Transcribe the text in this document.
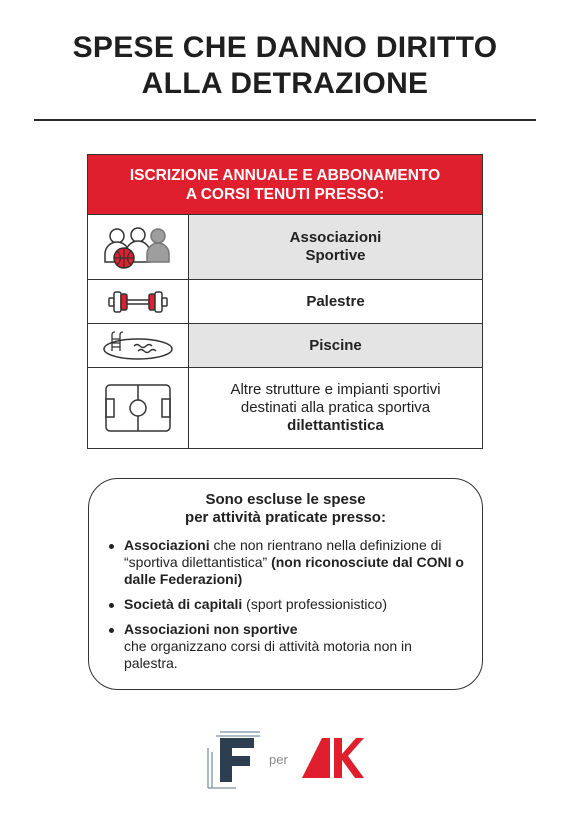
SPESE CHE DANNO DIRITTO
ALLA DETRAZIONE
ISCRIZIONE ANNUALE E ABBONAMENTO
A CORSI TENUTI PRESSO:
Associazioni
Sportive
Palestre
Piscine
Altre strutture e impianti sportivi
destinati alla pratica sportiva
dilettantistica
Sono escluse le spese
per attività praticate presso:
Associazioni che non rientrano nella definizione di “sportiva dilettantistica” (non riconosciute dal CONI o dalle Federazioni)
Società di capitali (sport professionistico)
Associazioni non sportive
che organizzano corsi di attività motoria non in palestra.
F
per
AK
